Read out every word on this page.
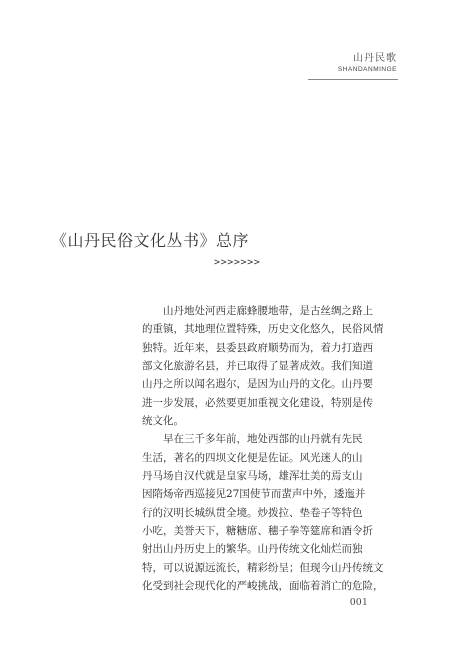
山丹民歌
SHANDANMINGE
《山丹民俗文化丛书》总序
>>>>>>>
山丹地处河西走廊蜂腰地带，是古丝绸之路上
的重镇，其地理位置特殊，历史文化悠久，民俗风情
独特。近年来，县委县政府顺势而为，着力打造西
部文化旅游名县，并已取得了显著成效。我们知道
山丹之所以闻名遐尔，是因为山丹的文化。山丹要
进一步发展，必然要更加重视文化建设，特别是传
统文化。
早在三千多年前，地处西部的山丹就有先民
生活，著名的四坝文化便是佐证。风光迷人的山
丹马场自汉代就是皇家马场，雄浑壮美的焉支山
因隋炀帝西巡接见27国使节而蜚声中外，逶迤并
行的汉明长城纵贯全境。炒拨拉、垫卷子等特色
小吃，美誉天下，糖糖席、穗子拳等筵席和酒令折
射出山丹历史上的繁华。山丹传统文化灿烂而独
特，可以说源远流长，精彩纷呈；但现今山丹传统文
化受到社会现代化的严峻挑战，面临着消亡的危险，
001
